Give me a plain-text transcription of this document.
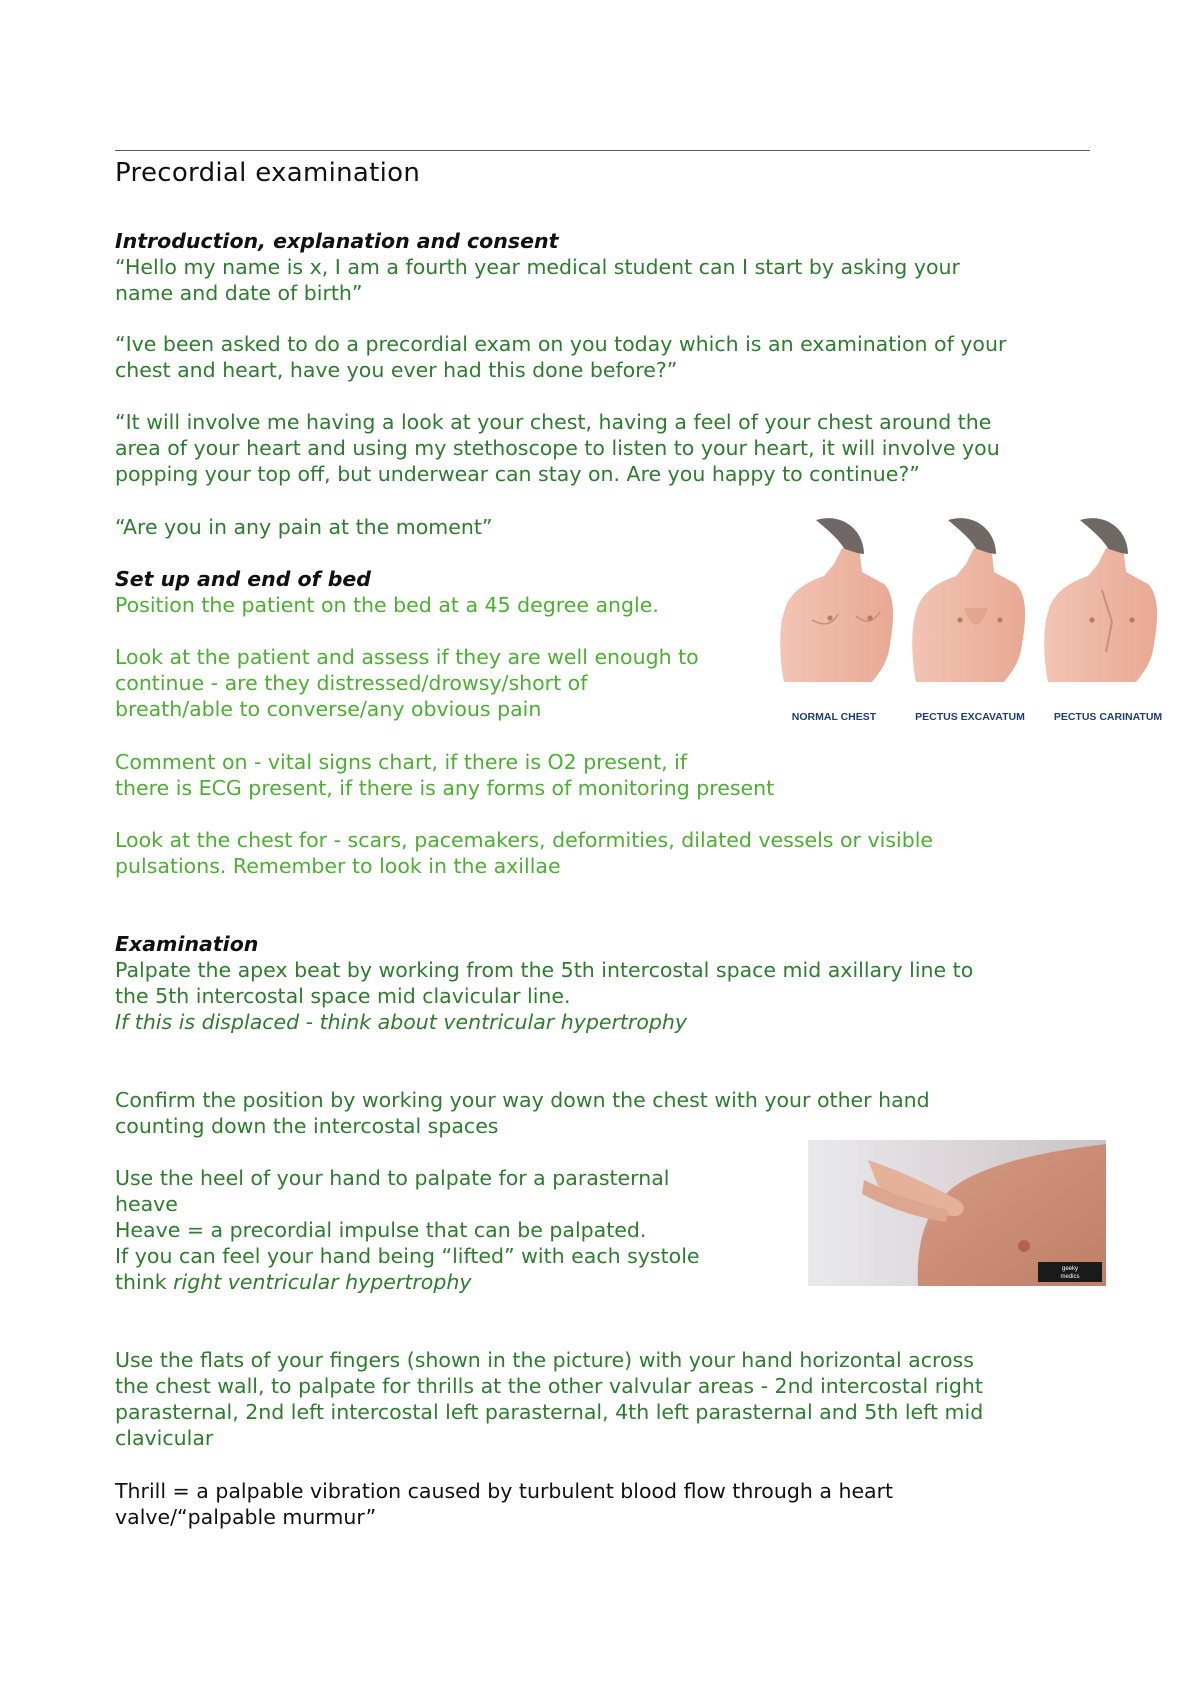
Precordial examination
Introduction, explanation and consent
“Hello my name is x, I am a fourth year medical student can I start by asking your
name and date of birth”
“Ive been asked to do a precordial exam on you today which is an examination of your
chest and heart, have you ever had this done before?”
“It will involve me having a look at your chest, having a feel of your chest around the
area of your heart and using my stethoscope to listen to your heart, it will involve you
popping your top off, but underwear can stay on. Are you happy to continue?”
“Are you in any pain at the moment”
Set up and end of bed
Position the patient on the bed at a 45 degree angle.
Look at the patient and assess if they are well enough to
continue - are they distressed/drowsy/short of
breath/able to converse/any obvious pain
Comment on - vital signs chart, if there is O2 present, if
there is ECG present, if there is any forms of monitoring present
Look at the chest for - scars, pacemakers, deformities, dilated vessels or visible
pulsations. Remember to look in the axillae
NORMAL CHEST	PECTUS EXCAVATUM	PECTUS CARINATUM
Examination
Palpate the apex beat by working from the 5th intercostal space mid axillary line to
the 5th intercostal space mid clavicular line.
If this is displaced - think about ventricular hypertrophy
Confirm the position by working your way down the chest with your other hand
counting down the intercostal spaces
Use the heel of your hand to palpate for a parasternal
heave
Heave = a precordial impulse that can be palpated.
If you can feel your hand being “lifted” with each systole
think right ventricular hypertrophy
geeky
medics
Use the flats of your fingers (shown in the picture) with your hand horizontal across
the chest wall, to palpate for thrills at the other valvular areas - 2nd intercostal right
parasternal, 2nd left intercostal left parasternal, 4th left parasternal and 5th left mid
clavicular
Thrill = a palpable vibration caused by turbulent blood flow through a heart
valve/“palpable murmur”
